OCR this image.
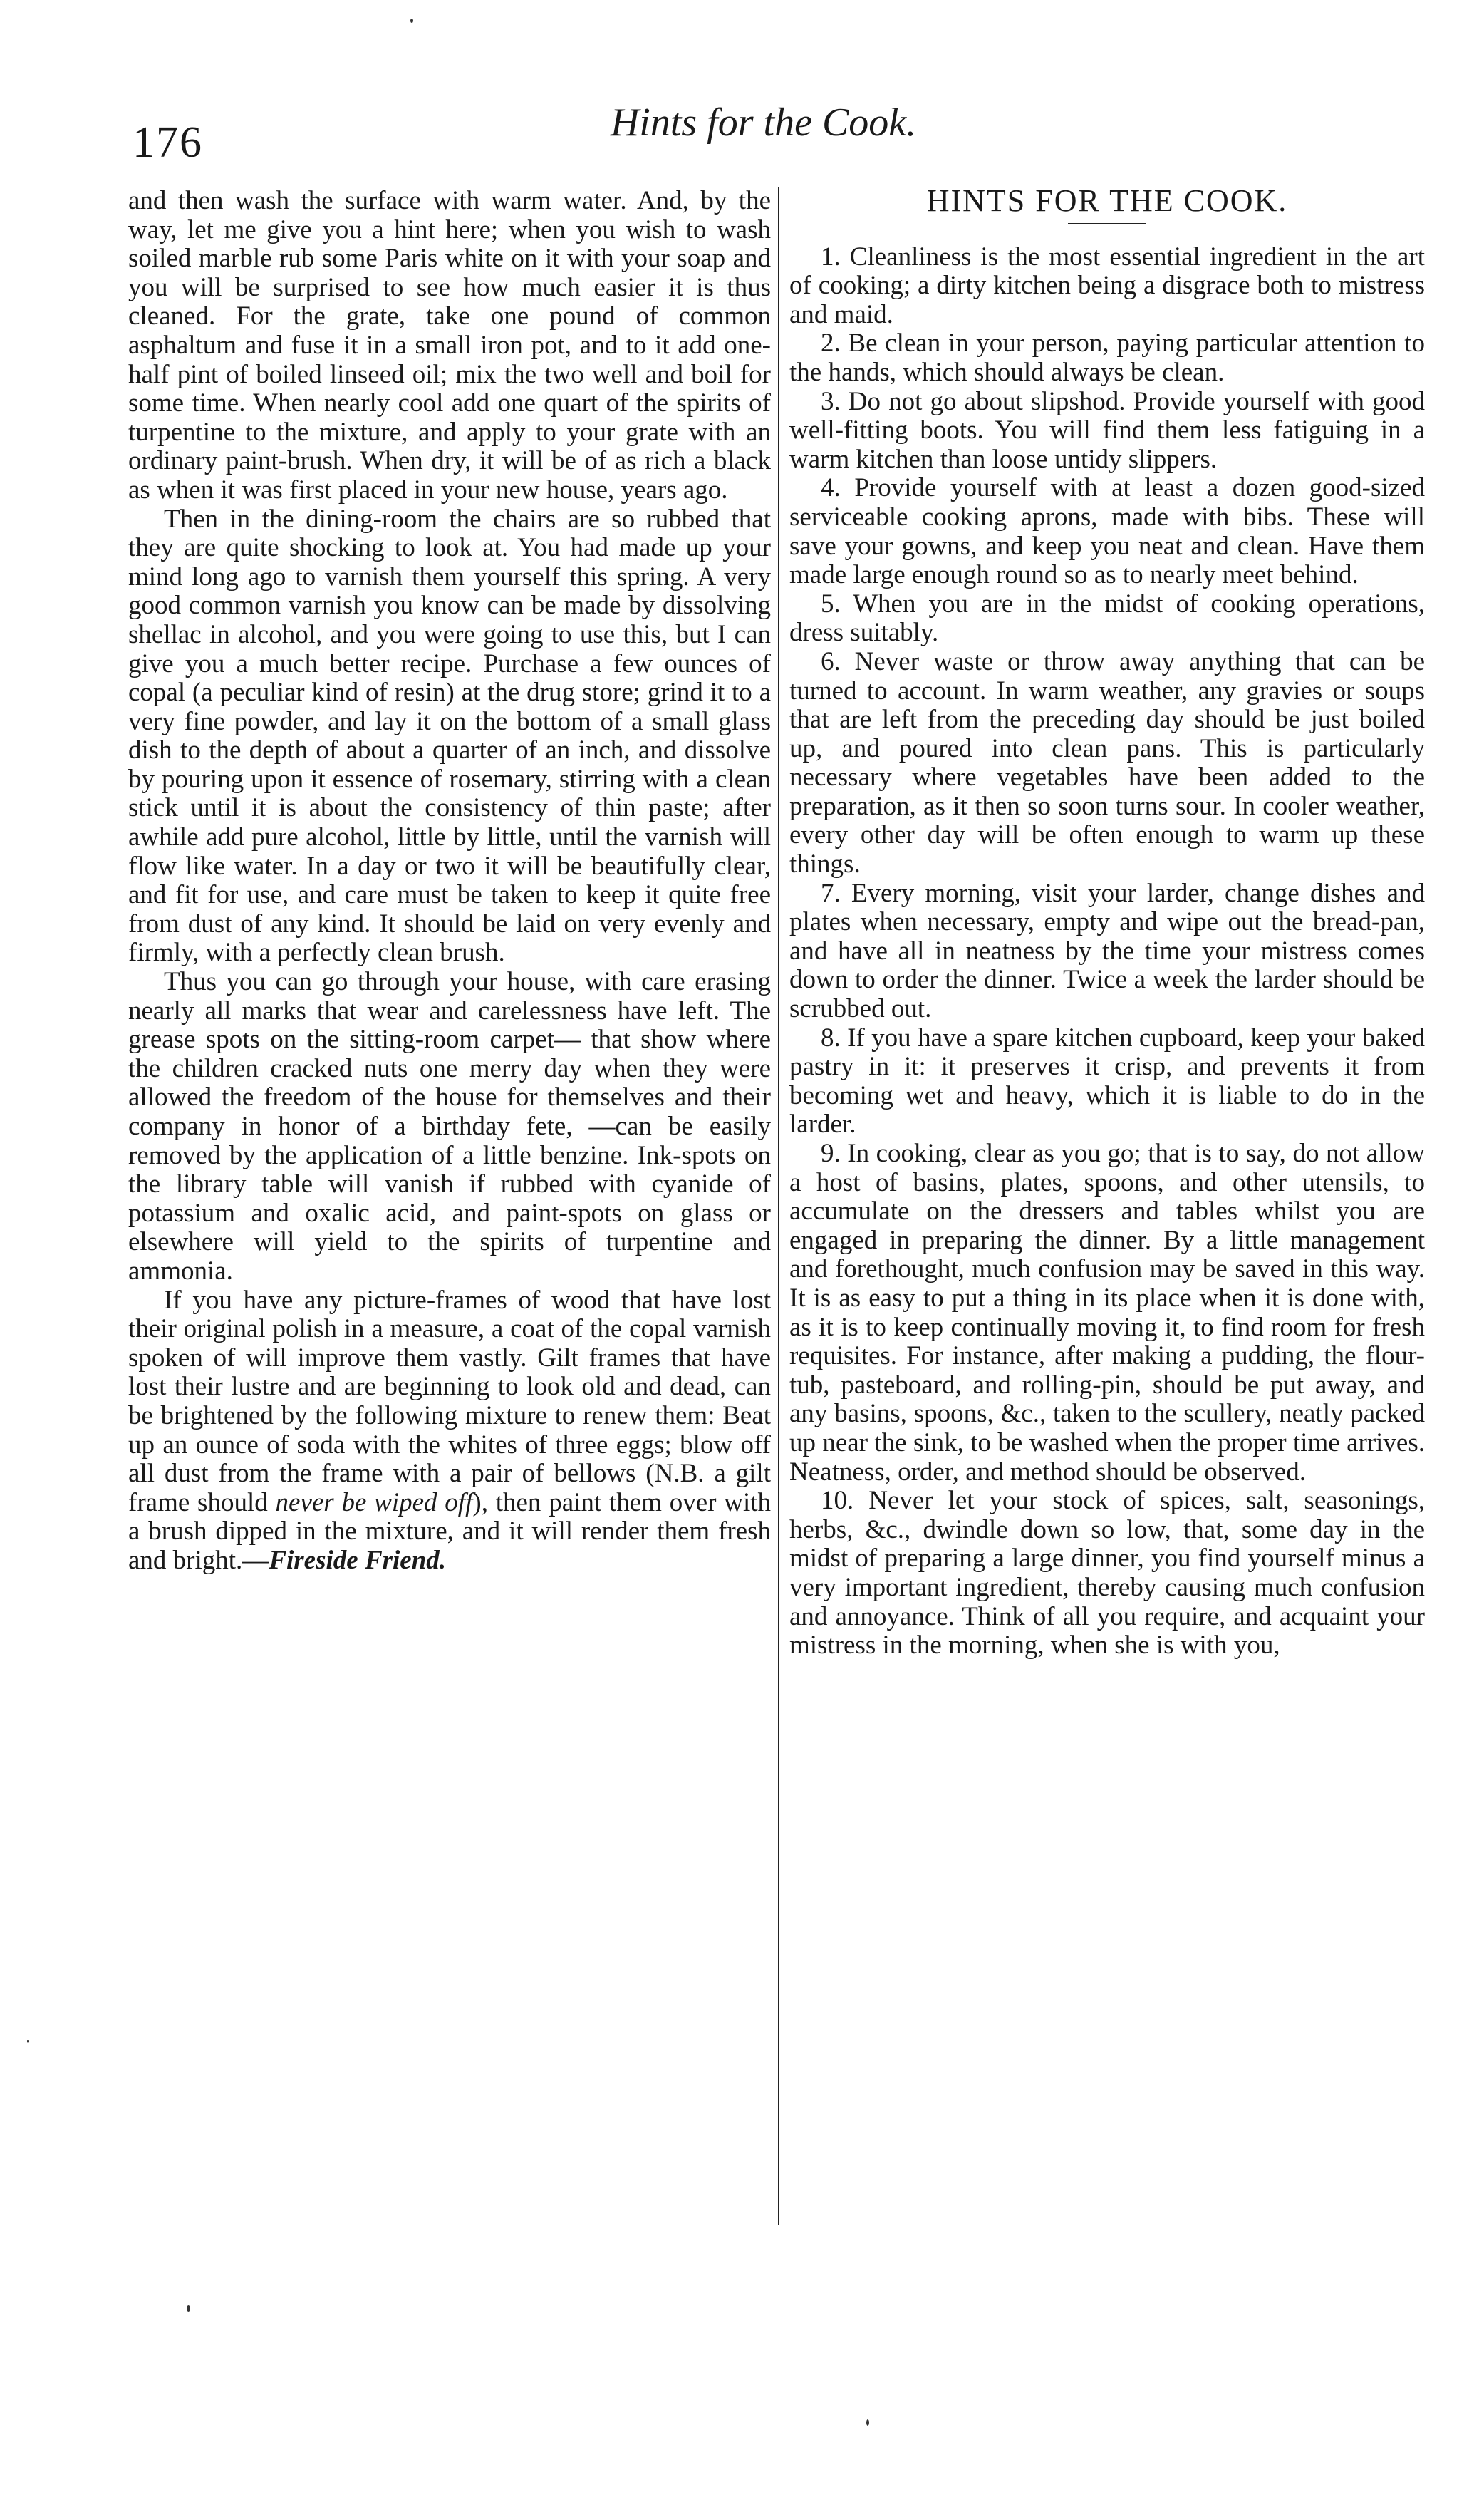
176	Hints for the Cook.

and then wash the surface with warm water. And, by the way, let me give you a hint here; when you wish to wash soiled marble rub some Paris white on it with your soap and you will be surprised to see how much easier it is thus cleaned. For the grate, take one pound of common asphaltum and fuse it in a small iron pot, and to it add one-half pint of boiled linseed oil; mix the two well and boil for some time. When nearly cool add one quart of the spirits of turpentine to the mixture, and apply to your grate with an ordinary paint-brush. When dry, it will be of as rich a black as when it was first placed in your new house, years ago.

Then in the dining-room the chairs are so rubbed that they are quite shocking to look at. You had made up your mind long ago to varnish them yourself this spring. A very good common varnish you know can be made by dissolving shellac in alcohol, and you were going to use this, but I can give you a much better recipe. Purchase a few ounces of copal (a peculiar kind of resin) at the drug store; grind it to a very fine powder, and lay it on the bottom of a small glass dish to the depth of about a quarter of an inch, and dissolve by pouring upon it essence of rosemary, stirring with a clean stick until it is about the consistency of thin paste; after awhile add pure alcohol, little by little, until the varnish will flow like water. In a day or two it will be beautifully clear, and fit for use, and care must be taken to keep it quite free from dust of any kind. It should be laid on very evenly and firmly, with a perfectly clean brush.

Thus you can go through your house, with care erasing nearly all marks that wear and carelessness have left. The grease spots on the sitting-room carpet— that show where the children cracked nuts one merry day when they were allowed the freedom of the house for themselves and their company in honor of a birthday fete, —can be easily removed by the application of a little benzine. Ink-spots on the library table will vanish if rubbed with cyanide of potassium and oxalic acid, and paint-spots on glass or elsewhere will yield to the spirits of turpentine and ammonia.

If you have any picture-frames of wood that have lost their original polish in a measure, a coat of the copal varnish spoken of will improve them vastly. Gilt frames that have lost their lustre and are beginning to look old and dead, can be brightened by the following mixture to renew them: Beat up an ounce of soda with the whites of three eggs; blow off all dust from the frame with a pair of bellows (N.B. a gilt frame should never be wiped off), then paint them over with a brush dipped in the mixture, and it will render them fresh and bright.—Fireside Friend.

HINTS FOR THE COOK.

1. Cleanliness is the most essential ingredient in the art of cooking; a dirty kitchen being a disgrace both to mistress and maid.

2. Be clean in your person, paying particular attention to the hands, which should always be clean.

3. Do not go about slipshod. Provide yourself with good well-fitting boots. You will find them less fatiguing in a warm kitchen than loose untidy slippers.

4. Provide yourself with at least a dozen good-sized serviceable cooking aprons, made with bibs. These will save your gowns, and keep you neat and clean. Have them made large enough round so as to nearly meet behind.

5. When you are in the midst of cooking operations, dress suitably.

6. Never waste or throw away anything that can be turned to account. In warm weather, any gravies or soups that are left from the preceding day should be just boiled up, and poured into clean pans. This is particularly necessary where vegetables have been added to the preparation, as it then so soon turns sour. In cooler weather, every other day will be often enough to warm up these things.

7. Every morning, visit your larder, change dishes and plates when necessary, empty and wipe out the bread-pan, and have all in neatness by the time your mistress comes down to order the dinner. Twice a week the larder should be scrubbed out.

8. If you have a spare kitchen cupboard, keep your baked pastry in it: it preserves it crisp, and prevents it from becoming wet and heavy, which it is liable to do in the larder.

9. In cooking, clear as you go; that is to say, do not allow a host of basins, plates, spoons, and other utensils, to accumulate on the dressers and tables whilst you are engaged in preparing the dinner. By a little management and forethought, much confusion may be saved in this way. It is as easy to put a thing in its place when it is done with, as it is to keep continually moving it, to find room for fresh requisites. For instance, after making a pudding, the flour-tub, pasteboard, and rolling-pin, should be put away, and any basins, spoons, &c., taken to the scullery, neatly packed up near the sink, to be washed when the proper time arrives. Neatness, order, and method should be observed.

10. Never let your stock of spices, salt, seasonings, herbs, &c., dwindle down so low, that, some day in the midst of preparing a large dinner, you find yourself minus a very important ingredient, thereby causing much confusion and annoyance. Think of all you require, and acquaint your mistress in the morning, when she is with you,
